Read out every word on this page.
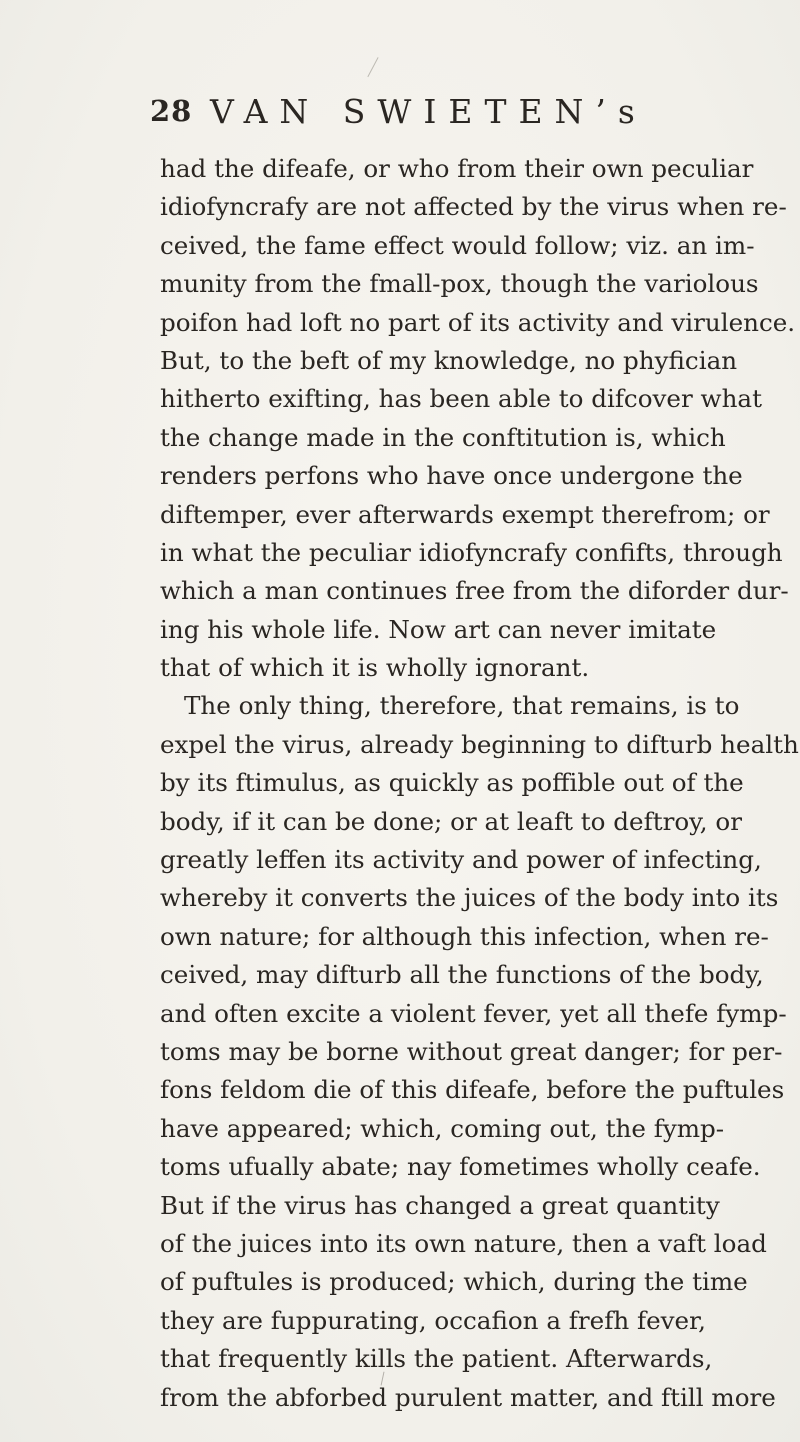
28 VAN SWIETEN’s
had the difeafe, or who from their own peculiar
idiofyncrafy are not affected by the virus when re-
ceived, the fame effect would follow; viz. an im-
munity from the fmall-pox, though the variolous
poifon had loft no part of its activity and virulence.
But, to the beft of my knowledge, no phyfician
hitherto exifting, has been able to difcover what
the change made in the conftitution is, which
renders perfons who have once undergone the
diftemper, ever afterwards exempt therefrom; or
in what the peculiar idiofyncrafy confifts, through
which a man continues free from the diforder dur-
ing his whole life. Now art can never imitate
that of which it is wholly ignorant.
The only thing, therefore, that remains, is to
expel the virus, already beginning to difturb health
by its ftimulus, as quickly as poffible out of the
body, if it can be done; or at leaft to deftroy, or
greatly leffen its activity and power of infecting,
whereby it converts the juices of the body into its
own nature; for although this infection, when re-
ceived, may difturb all the functions of the body,
and often excite a violent fever, yet all thefe fymp-
toms may be borne without great danger; for per-
fons feldom die of this difeafe, before the puftules
have appeared; which, coming out, the fymp-
toms ufually abate; nay fometimes wholly ceafe.
But if the virus has changed a great quantity
of the juices into its own nature, then a vaft load
of puftules is produced; which, during the time
they are fuppurating, occafion a frefh fever,
that frequently kills the patient. Afterwards,
from the abforbed purulent matter, and ftill more
